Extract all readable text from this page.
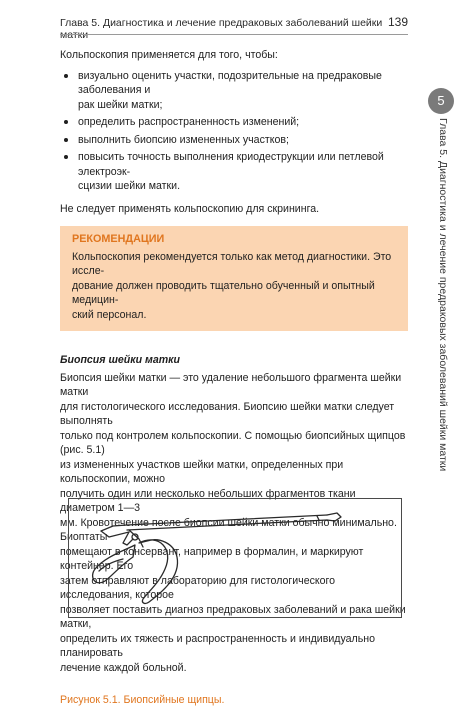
Глава 5. Диагностика и лечение предраковых заболеваний шейки матки
139
5
Глава 5. Диагностика и лечение предраковых заболеваний шейки матки

Кольпоскопия применяется для того, чтобы:

визуально оценить участки, подозрительные на предраковые заболевания и
рак шейки матки;
определить распространенность изменений;
выполнить биопсию измененных участков;
повысить точность выполнения криодеструкции или петлевой электроэк-
сцизии шейки матки.

Не следует применять кольпоскопию для скрининга.

РЕКОМЕНДАЦИИ
Кольпоскопия рекомендуется только как метод диагностики. Это иссле-
дование должен проводить тщательно обученный и опытный медицин-
ский персонал.

Биопсия шейки матки

Биопсия шейки матки — это удаление небольшого фрагмента шейки матки
для гистологического исследования. Биопсию шейки матки следует выполнять
только под контролем кольпоскопии. С помощью биопсийных щипцов (рис. 5.1)
из измененных участков шейки матки, определенных при кольпоскопии, можно
получить один или несколько небольших фрагментов ткани диаметром 1—3
мм. Кровотечение после биопсии шейки матки обычно минимально. Биоптаты
помещают в консервант, например в формалин, и маркируют контейнер. Его
затем отправляют в лабораторию для гистологического исследования, которое
позволяет поставить диагноз предраковых заболеваний и рака шейки матки,
определить их тяжесть и распространенность и индивидуально планировать
лечение каждой больной.

Рисунок 5.1. Биопсийные щипцы.
